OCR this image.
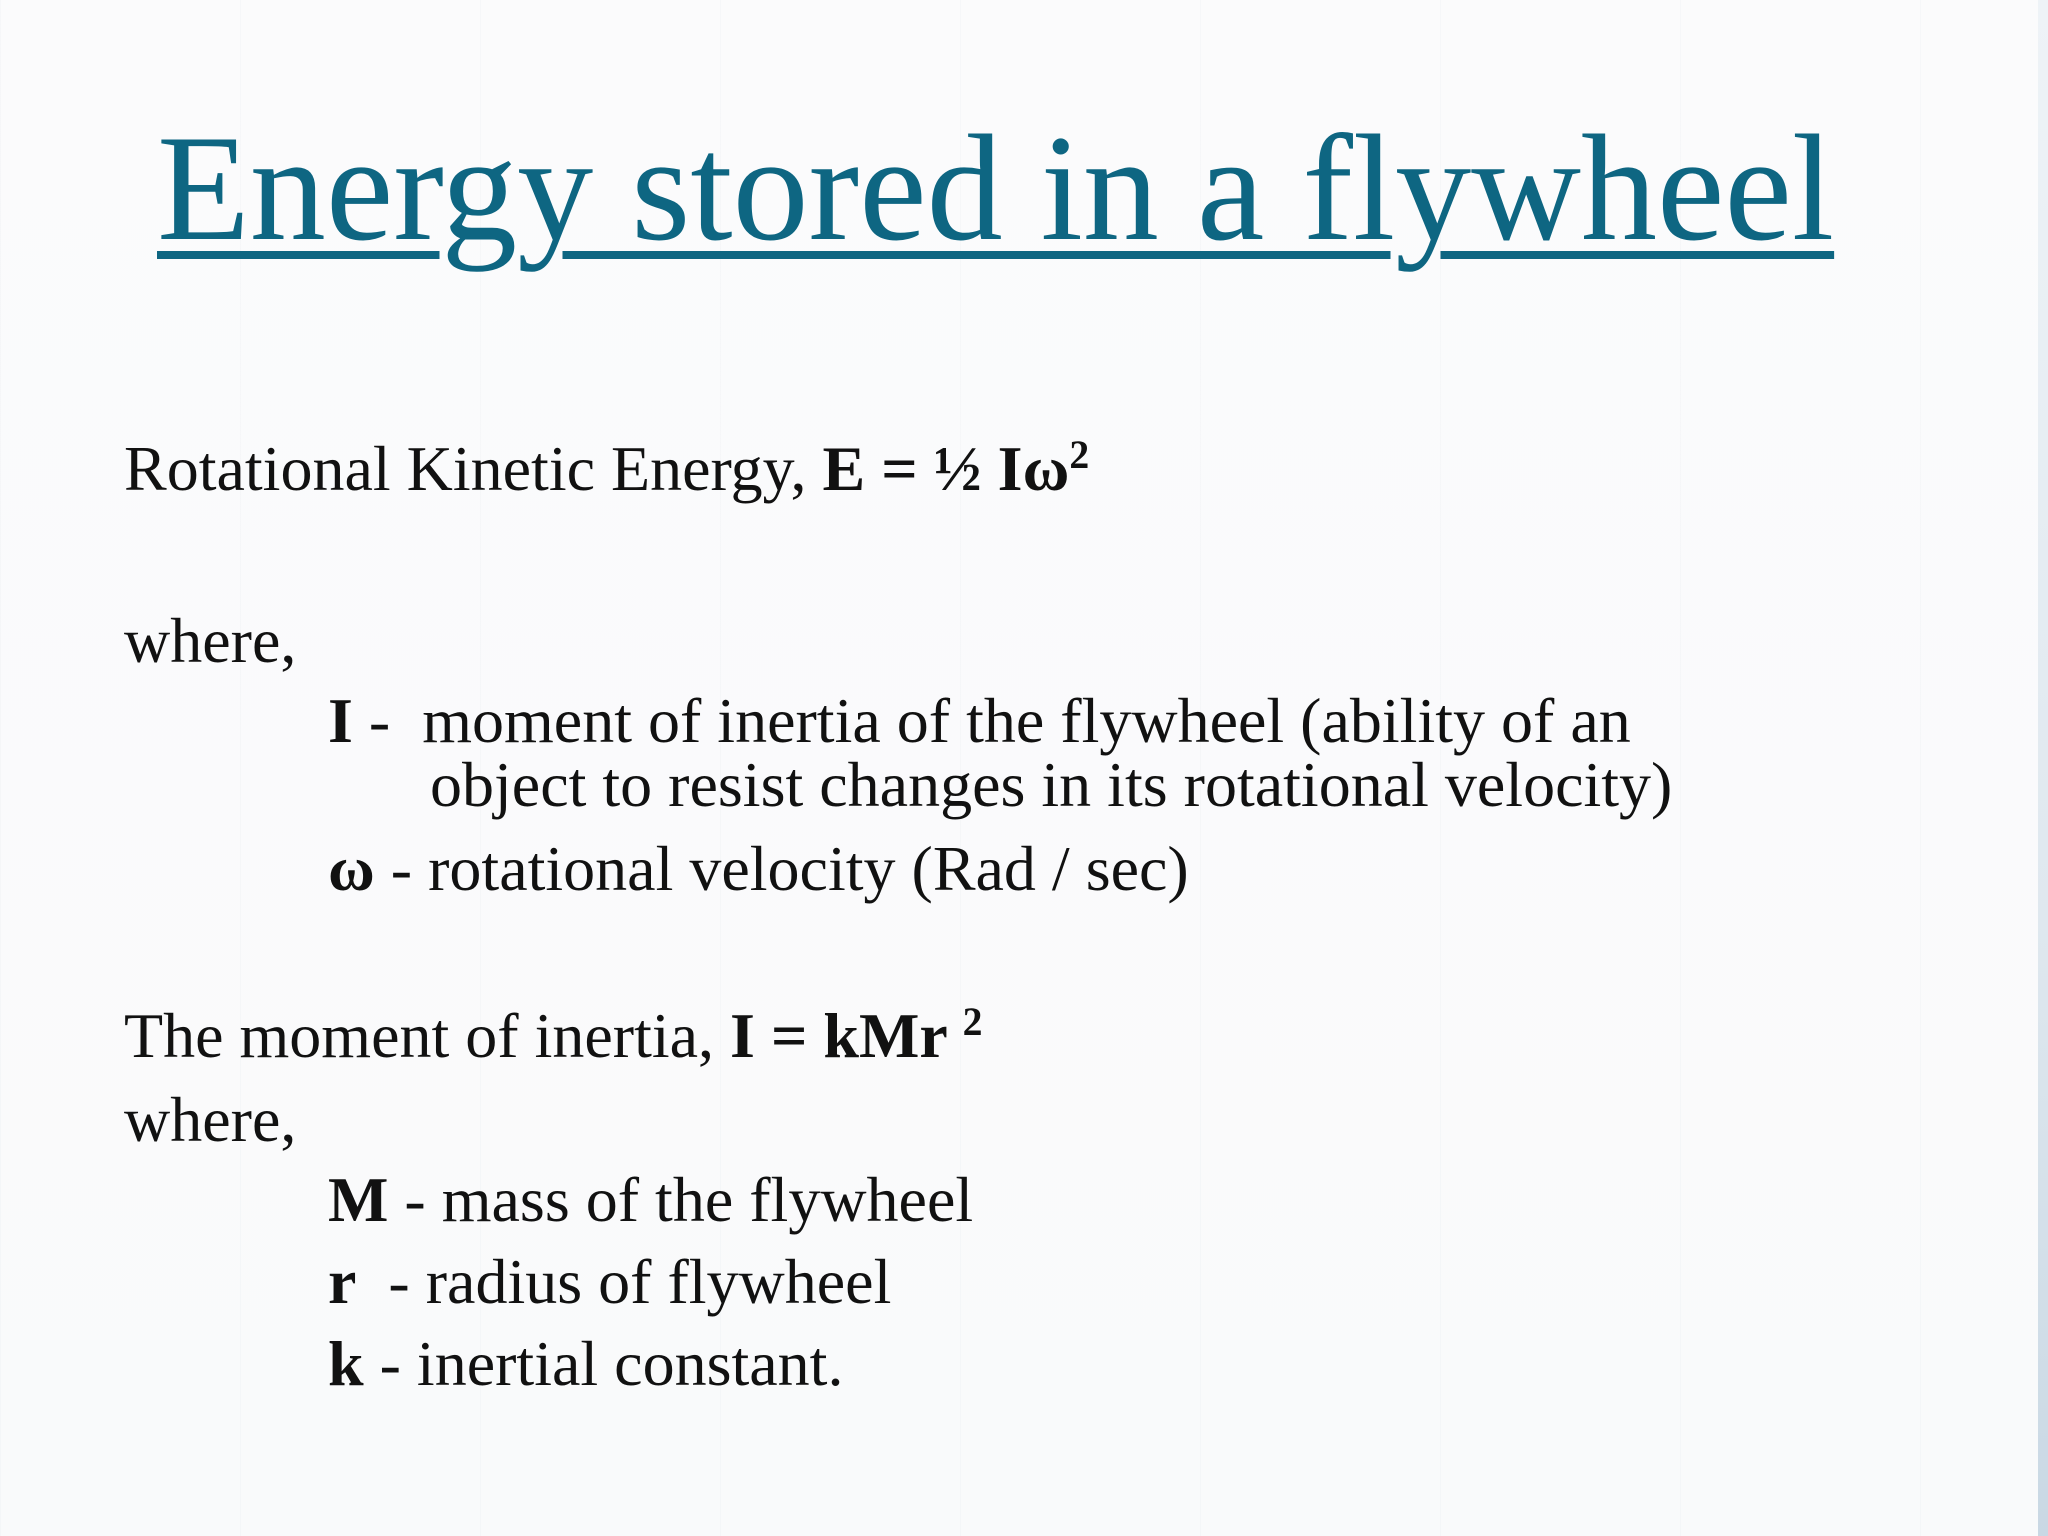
Energy stored in a flywheel

Rotational Kinetic Energy, E = ½ $I\omega^2$

where,

I -  moment of inertia of the flywheel (ability of an

object to resist changes in its rotational velocity)

ω - rotational velocity (Rad / sec)

The moment of inertia, I = kMr $^2$

where,

M - mass of the flywheel

r  - radius of flywheel

k - inertial constant.
